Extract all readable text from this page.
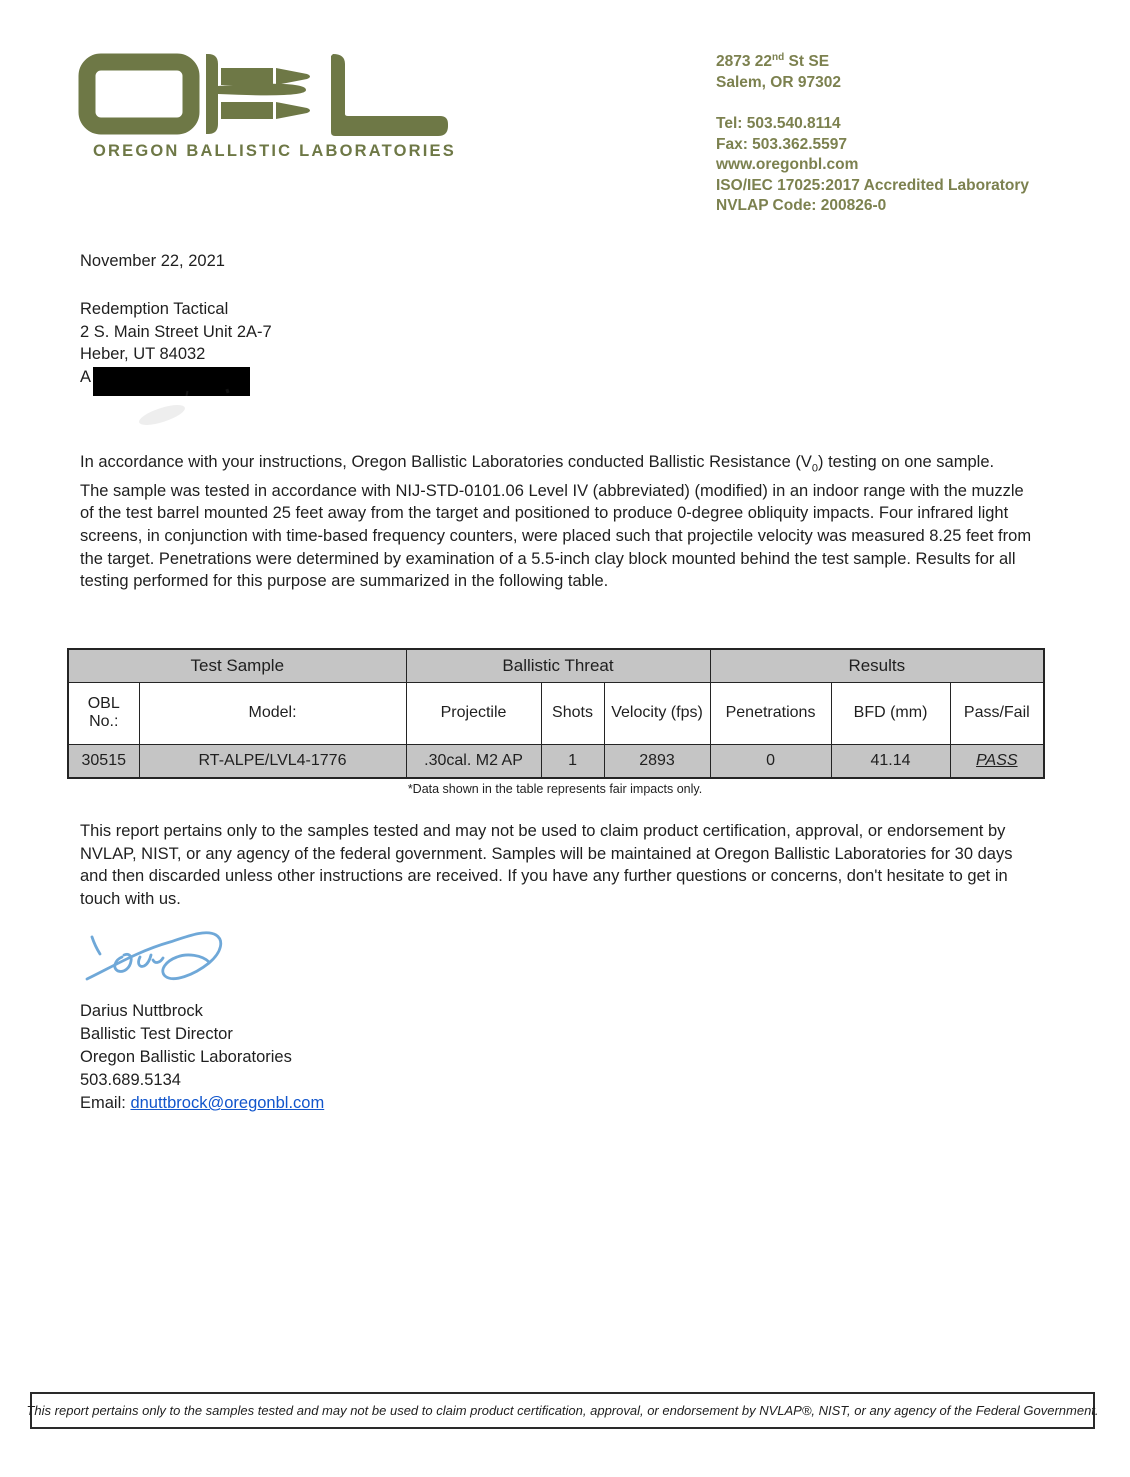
OREGON BALLISTIC LABORATORIES
2873 22nd St SE
Salem, OR 97302
Tel: 503.540.8114
Fax: 503.362.5597
www.oregonbl.com
ISO/IEC 17025:2017 Accredited Laboratory
NVLAP Code: 200826-0
November 22, 2021
Redemption Tactical
2 S. Main Street Unit 2A-7
Heber, UT 84032
A

In accordance with your instructions, Oregon Ballistic Laboratories conducted Ballistic Resistance $(V_0)$ testing on one sample.

The sample was tested in accordance with NIJ-STD-0101.06 Level IV (abbreviated) (modified) in an indoor range with the muzzle of the test barrel mounted 25 feet away from the target and positioned to produce 0-degree obliquity impacts. Four infrared light screens, in conjunction with time-based frequency counters, were placed such that projectile velocity was measured 8.25 feet from the target. Penetrations were determined by examination of a 5.5-inch clay block mounted behind the test sample. Results for all testing performed for this purpose are summarized in the following table.

Test Sample		Ballistic Threat			Results		
OBL No.:	Model:	Projectile	Shots	Velocity (fps)	Penetrations	BFD (mm)	Pass/Fail
30515	RT-ALPE/LVL4-1776	.30cal. M2 AP	1	2893	0	41.14	PASS
*Data shown in the table represents fair impacts only.
This report pertains only to the samples tested and may not be used to claim product certification, approval, or endorsement by NVLAP, NIST, or any agency of the federal government. Samples will be maintained at Oregon Ballistic Laboratories for 30 days and then discarded unless other instructions are received. If you have any further questions or concerns, don't hesitate to get in touch with us.
Darius Nuttbrock
Ballistic Test Director
Oregon Ballistic Laboratories
503.689.5134
Email: dnuttbrock@oregonbl.com
This report pertains only to the samples tested and may not be used to claim product certification, approval, or endorsement by NVLAP®, NIST, or any agency of the Federal Government.
